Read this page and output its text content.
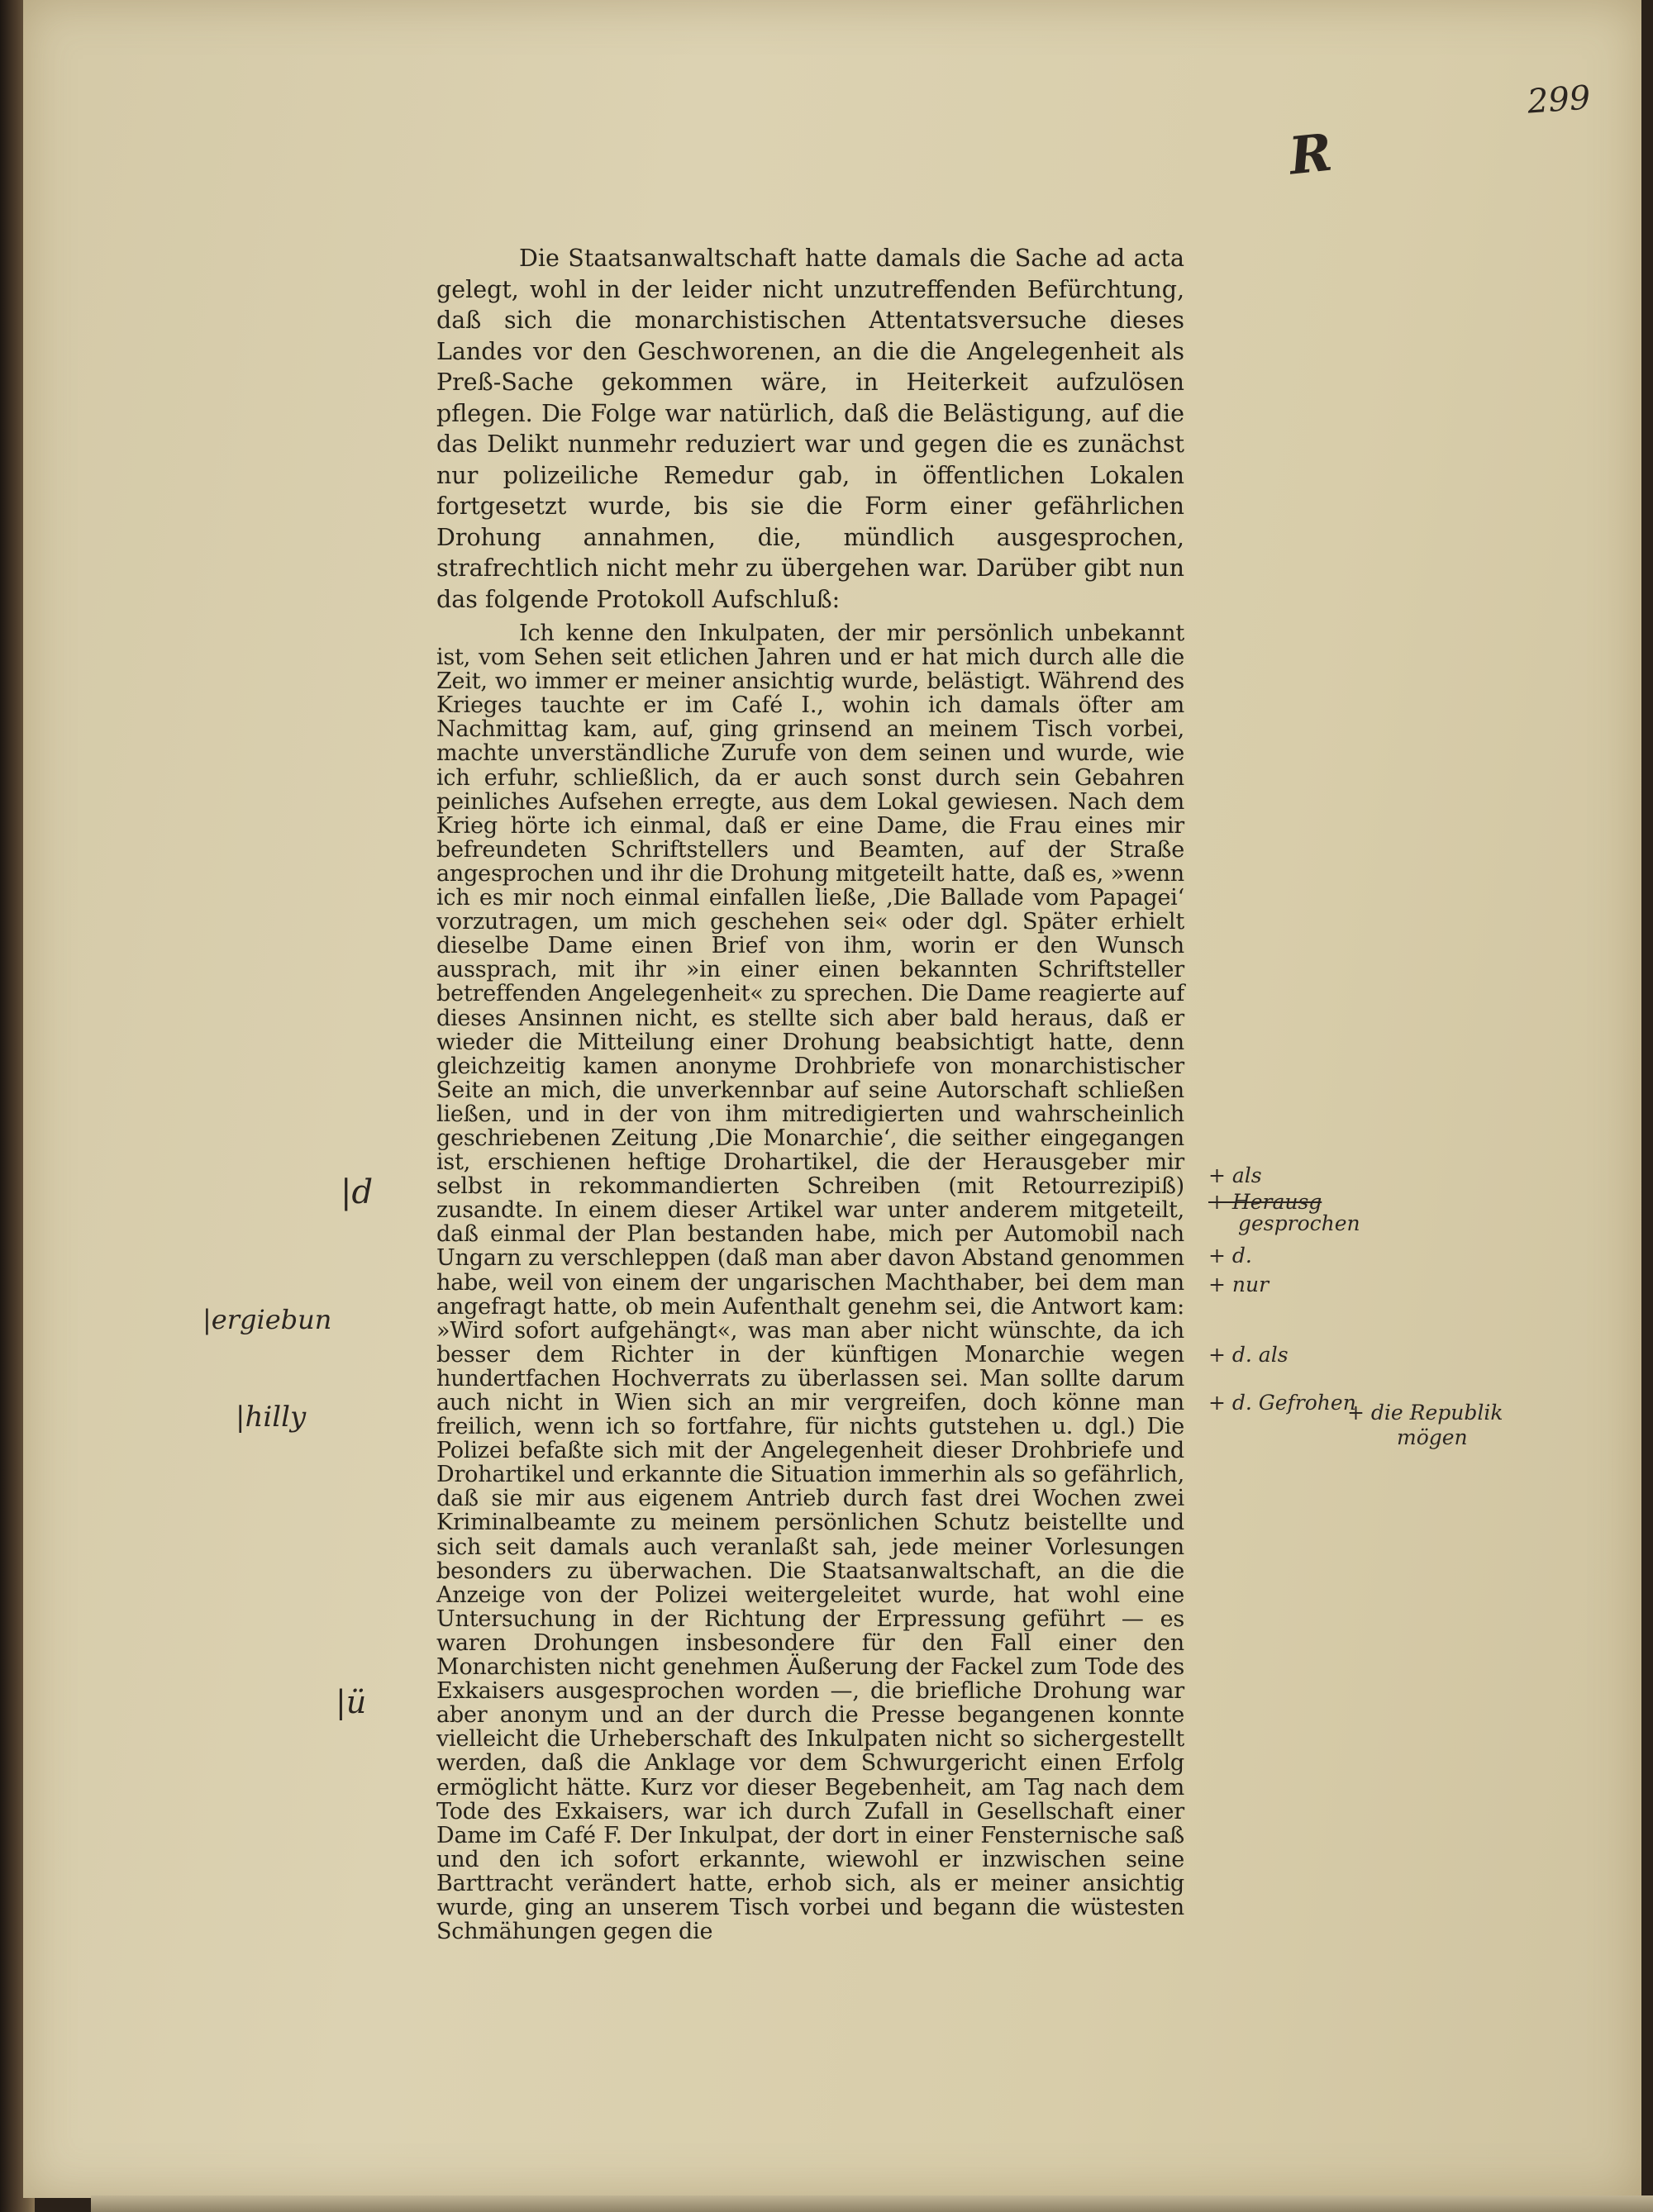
299
R

Die Staatsanwaltschaft hatte damals die Sache ad acta gelegt, wohl in der leider nicht unzutreffenden Befürchtung, daß sich die monarchistischen Attentatsversuche dieses Landes vor den Geschworenen, an die die Angelegenheit als Preß-Sache gekommen wäre, in Heiterkeit aufzulösen pflegen. Die Folge war natürlich, daß die Belästigung, auf die das Delikt nunmehr reduziert war und gegen die es zunächst nur polizeiliche Remedur gab, in öffentlichen Lokalen fortgesetzt wurde, bis sie die Form einer gefährlichen Drohung annahmen, die, mündlich ausgesprochen, strafrechtlich nicht mehr zu übergehen war. Darüber gibt nun das folgende Protokoll Aufschluß:

Ich kenne den Inkulpaten, der mir persönlich unbekannt ist, vom Sehen seit etlichen Jahren und er hat mich durch alle die Zeit, wo immer er meiner ansichtig wurde, belästigt. Während des Krieges tauchte er im Café I., wohin ich damals öfter am Nachmittag kam, auf, ging grinsend an meinem Tisch vorbei, machte unverständliche Zurufe von dem seinen und wurde, wie ich erfuhr, schließlich, da er auch sonst durch sein Gebahren peinliches Aufsehen erregte, aus dem Lokal gewiesen. Nach dem Krieg hörte ich einmal, daß er eine Dame, die Frau eines mir befreundeten Schriftstellers und Beamten, auf der Straße angesprochen und ihr die Drohung mitgeteilt hatte, daß es, »wenn ich es mir noch einmal einfallen ließe, ‚Die Ballade vom Papagei‘ vorzutragen, um mich geschehen sei« oder dgl. Später erhielt dieselbe Dame einen Brief von ihm, worin er den Wunsch aussprach, mit ihr »in einer einen bekannten Schriftsteller betreffenden Angelegenheit« zu sprechen. Die Dame reagierte auf dieses Ansinnen nicht, es stellte sich aber bald heraus, daß er wieder die Mitteilung einer Drohung beabsichtigt hatte, denn gleichzeitig kamen anonyme Drohbriefe von monarchistischer Seite an mich, die unverkennbar auf seine Autorschaft schließen ließen, und in der von ihm mitredigierten und wahrscheinlich geschriebenen Zeitung ‚Die Monarchie‘, die seither eingegangen ist, erschienen heftige Drohartikel, die der Herausgeber mir selbst in rekommandierten Schreiben (mit Retourrezipiß) zusandte. In einem dieser Artikel war unter anderem mitgeteilt, daß einmal der Plan bestanden habe, mich per Automobil nach Ungarn zu verschleppen (daß man aber davon Abstand genommen habe, weil von einem der ungarischen Machthaber, bei dem man angefragt hatte, ob mein Aufenthalt genehm sei, die Antwort kam: »Wird sofort aufgehängt«, was man aber nicht wünschte, da ich besser dem Richter in der künftigen Monarchie wegen hundertfachen Hochverrats zu überlassen sei. Man sollte darum auch nicht in Wien sich an mir vergreifen, doch könne man freilich, wenn ich so fortfahre, für nichts gutstehen u. dgl.) Die Polizei befaßte sich mit der Angelegenheit dieser Drohbriefe und Drohartikel und erkannte die Situation immerhin als so gefährlich, daß sie mir aus eigenem Antrieb durch fast drei Wochen zwei Kriminalbeamte zu meinem persönlichen Schutz beistellte und sich seit damals auch veranlaßt sah, jede meiner Vorlesungen besonders zu überwachen. Die Staatsanwaltschaft, an die die Anzeige von der Polizei weitergeleitet wurde, hat wohl eine Untersuchung in der Richtung der Erpressung geführt — es waren Drohungen insbesondere für den Fall einer den Monarchisten nicht genehmen Äußerung der Fackel zum Tode des Exkaisers ausgesprochen worden —, die briefliche Drohung war aber anonym und an der durch die Presse begangenen konnte vielleicht die Urheberschaft des Inkulpaten nicht so sichergestellt werden, daß die Anklage vor dem Schwurgericht einen Erfolg ermöglicht hätte. Kurz vor dieser Begebenheit, am Tag nach dem Tode des Exkaisers, war ich durch Zufall in Gesellschaft einer Dame im Café F. Der Inkulpat, der dort in einer Fensternische saß und den ich sofort erkannte, wiewohl er inzwischen seine Barttracht verändert hatte, erhob sich, als er meiner ansichtig wurde, ging an unserem Tisch vorbei und begann die wüstesten Schmähungen gegen die

|d
|ergiebun
|hilly
|ü
+ als
+ Herausg
gesprochen
+ d.
+ nur
+ d. als
+ d. Gefrohen
+ die Republik
mögen
